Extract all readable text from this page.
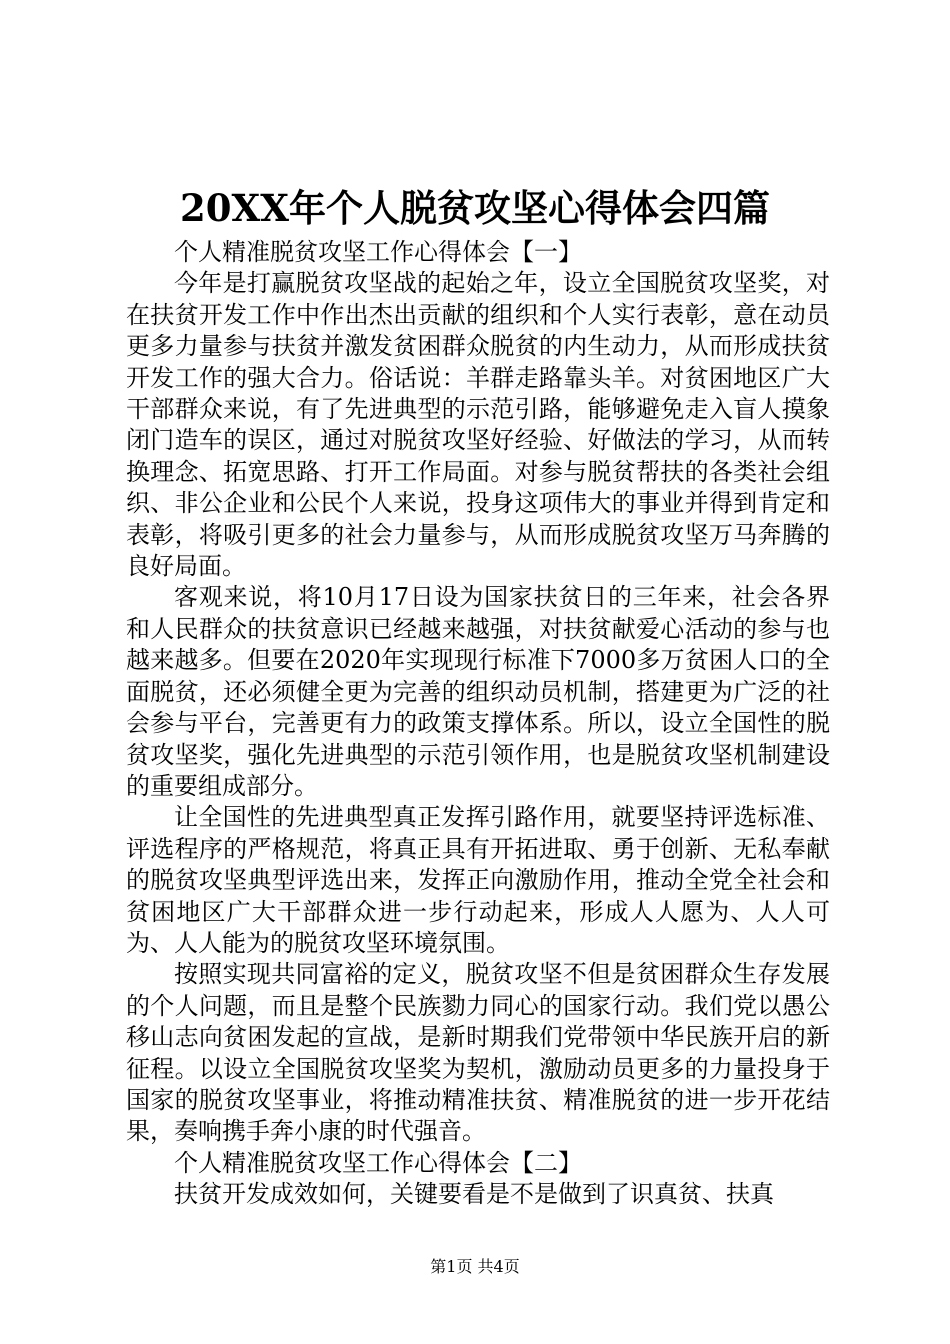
20XX年个人脱贫攻坚心得体会四篇

个人精准脱贫攻坚工作心得体会【一】

今年是打赢脱贫攻坚战的起始之年，设立全国脱贫攻坚奖，对在扶贫开发工作中作出杰出贡献的组织和个人实行表彰，意在动员更多力量参与扶贫并激发贫困群众脱贫的内生动力，从而形成扶贫开发工作的强大合力。俗话说：羊群走路靠头羊。对贫困地区广大干部群众来说，有了先进典型的示范引路，能够避免走入盲人摸象闭门造车的误区，通过对脱贫攻坚好经验、好做法的学习，从而转换理念、拓宽思路、打开工作局面。对参与脱贫帮扶的各类社会组织、非公企业和公民个人来说，投身这项伟大的事业并得到肯定和表彰，将吸引更多的社会力量参与，从而形成脱贫攻坚万马奔腾的良好局面。

客观来说，将10月17日设为国家扶贫日的三年来，社会各界和人民群众的扶贫意识已经越来越强，对扶贫献爱心活动的参与也越来越多。但要在2020年实现现行标准下7000多万贫困人口的全面脱贫，还必须健全更为完善的组织动员机制，搭建更为广泛的社会参与平台，完善更有力的政策支撑体系。所以，设立全国性的脱贫攻坚奖，强化先进典型的示范引领作用，也是脱贫攻坚机制建设的重要组成部分。

让全国性的先进典型真正发挥引路作用，就要坚持评选标准、评选程序的严格规范，将真正具有开拓进取、勇于创新、无私奉献的脱贫攻坚典型评选出来，发挥正向激励作用，推动全党全社会和贫困地区广大干部群众进一步行动起来，形成人人愿为、人人可为、人人能为的脱贫攻坚环境氛围。

按照实现共同富裕的定义，脱贫攻坚不但是贫困群众生存发展的个人问题，而且是整个民族勠力同心的国家行动。我们党以愚公移山志向贫困发起的宣战，是新时期我们党带领中华民族开启的新征程。以设立全国脱贫攻坚奖为契机，激励动员更多的力量投身于国家的脱贫攻坚事业，将推动精准扶贫、精准脱贫的进一步开花结果，奏响携手奔小康的时代强音。

个人精准脱贫攻坚工作心得体会【二】

扶贫开发成效如何，关键要看是不是做到了识真贫、扶真

第1页 共4页
